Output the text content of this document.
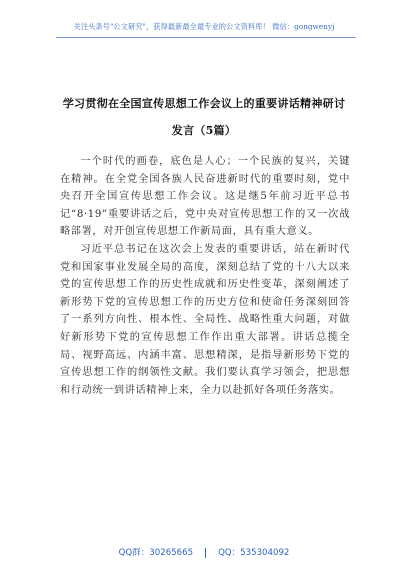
关注头条号"公文研究"，获得最新最全最专业的公文资料库！ 微信：gongwenyj
学习贯彻在全国宣传思想工作会议上的重要讲话精神研讨
发言（5篇）

一个时代的画卷，底色是人心；一个民族的复兴，关键在精神。在全党全国各族人民奋进新时代的重要时刻，党中央召开全国宣传思想工作会议。这是继5年前习近平总书记“8·19”重要讲话之后，党中央对宣传思想工作的又一次战略部署，对开创宣传思想工作新局面，具有重大意义。

习近平总书记在这次会上发表的重要讲话，站在新时代党和国家事业发展全局的高度，深刻总结了党的十八大以来党的宣传思想工作的历史性成就和历史性变革，深刻阐述了新形势下党的宣传思想工作的历史方位和使命任务深刻回答了一系列方向性、根本性、全局性、战略性重大问题，对做好新形势下党的宣传思想工作作出重大部署。讲话总揽全局、视野高远、内涵丰富、思想精深，是指导新形势下党的宣传思想工作的纲领性文献。我们要认真学习领会，把思想和行动统一到讲话精神上来，全力以赴抓好各项任务落实。

QQ群：30265665	QQ：535304092
